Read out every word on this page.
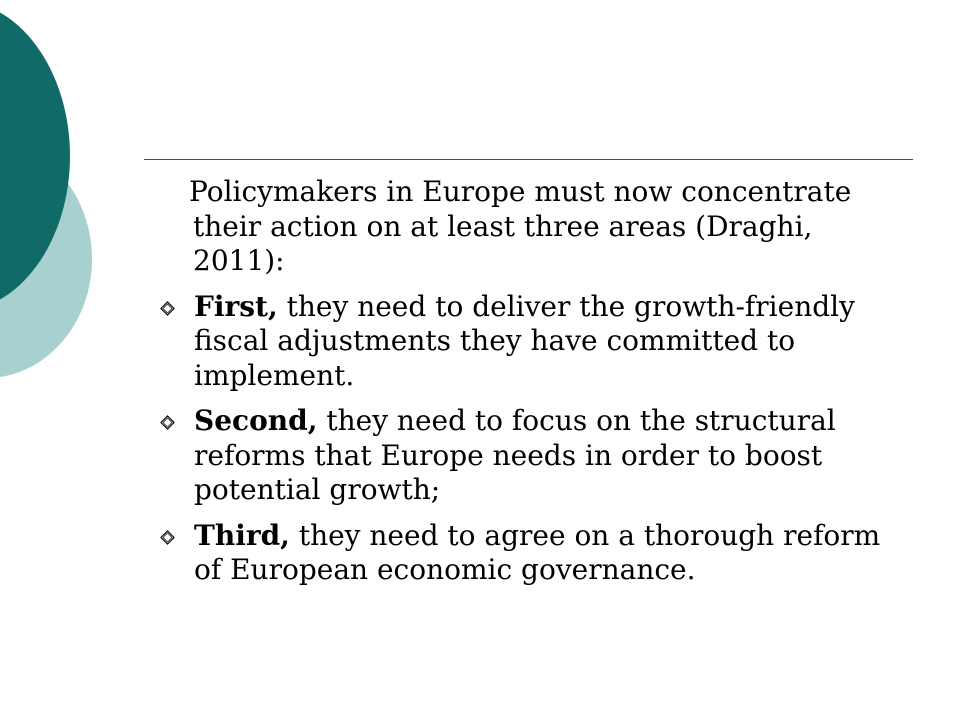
Policymakers in Europe must now concentrate their action on at least three areas (Draghi, 2011):

First, they need to deliver the growth-friendly fiscal adjustments they have committed to implement.
Second, they need to focus on the structural reforms that Europe needs in order to boost potential growth;
Third, they need to agree on a thorough reform of European economic governance.
